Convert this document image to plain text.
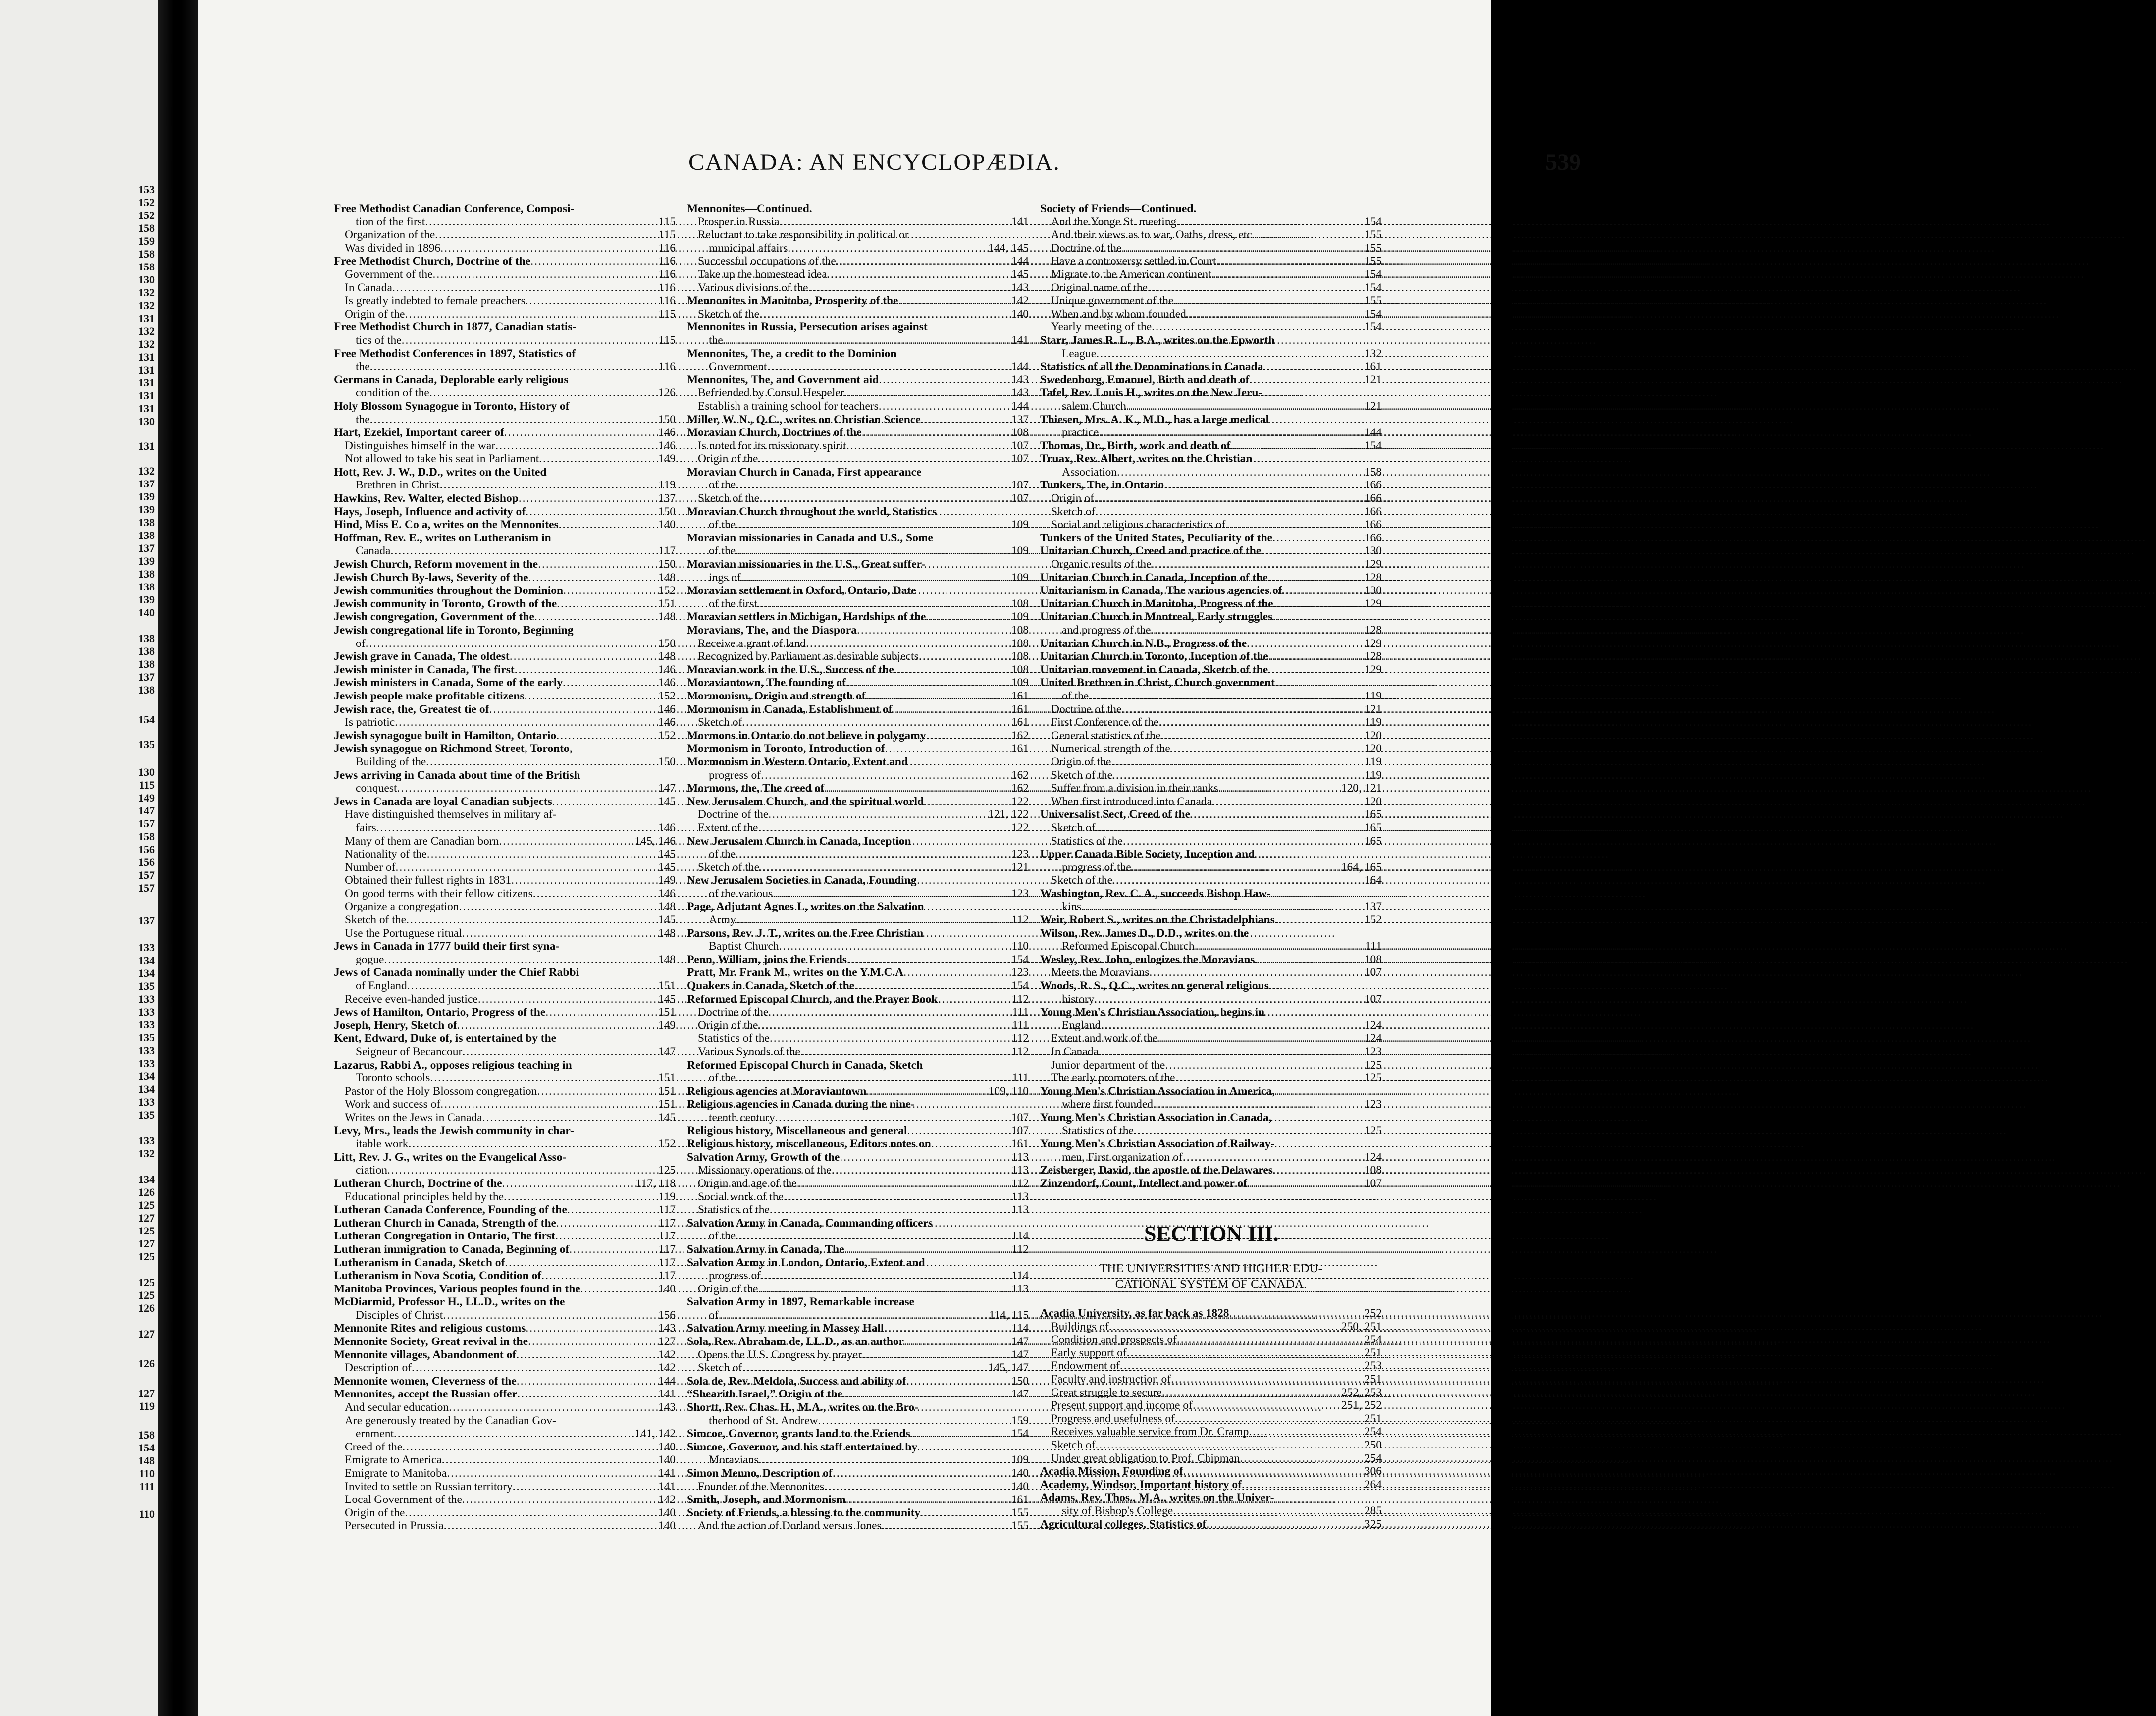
153
152
152
158
159
158
158
130
132
132
131
132
132
131
131
131
131
131
130
131
132
137
139
139
138
138
137
139
138
138
139
140
138
138
138
137
138
154
135
130
115
149
147
157
158
156
156
157
157
137
133
134
134
135
133
133
133
135
133
133
134
134
133
135
133
132
134
126
125
127
125
127
125
125
125
126
127
126
127
119
158
154
148
110
111
110
CANADA: AN ENCYCLOPÆDIA.	539
Free Methodist Canadian Conference, Composi-
tion of the first .....	115
Organization of the .....	115
Was divided in 1896 .....	116
Free Methodist Church, Doctrine of the .....	116
Government of the .....	116
In Canada .....	116
Is greatly indebted to female preachers .....	116
Origin of the .....	115
Free Methodist Church in 1877, Canadian statis-
tics of the .....	115
Free Methodist Conferences in 1897, Statistics of
the .....	116
Germans in Canada, Deplorable early religious
condition of the .....	126
Holy Blossom Synagogue in Toronto, History of
the .....	150
Hart, Ezekiel, Important career of .....	146
Distinguishes himself in the war .....	146
Not allowed to take his seat in Parliament .....	149
Hott, Rev. J. W., D.D., writes on the United
Brethren in Christ .....	119
Hawkins, Rev. Walter, elected Bishop .....	137
Hays, Joseph, Influence and activity of .....	150
Hind, Miss E. Co a, writes on the Mennonites .....	140
Hoffman, Rev. E., writes on Lutheranism in
Canada .....	117
Jewish Church, Reform movement in the .....	150
Jewish Church By-laws, Severity of the .....	148
Jewish communities throughout the Dominion .....	152
Jewish community in Toronto, Growth of the .....	151
Jewish congregation, Government of the .....	148
Jewish congregational life in Toronto, Beginning
of .....	150
Jewish grave in Canada, The oldest .....	148
Jewish minister in Canada, The first .....	146
Jewish ministers in Canada, Some of the early .....	146
Jewish people make profitable citizens .....	152
Jewish race, the, Greatest tie of .....	146
Is patriotic .....	146
Jewish synagogue built in Hamilton, Ontario .....	152
Jewish synagogue on Richmond Street, Toronto,
Building of the .....	150
Jews arriving in Canada about time of the British
conquest .....	147
Jews in Canada are loyal Canadian subjects .....	145
Have distinguished themselves in military af-
fairs .....	146
Many of them are Canadian born .....	145, 146
Nationality of the .....	145
Number of .....	145
Obtained their fullest rights in 1831 .....	149
On good terms with their fellow citizens .....	146
Organize a congregation .....	148
Sketch of the .....	145
Use the Portuguese ritual .....	148
Jews in Canada in 1777 build their first syna-
gogue .....	148
Jews of Canada nominally under the Chief Rabbi
of England .....	151
Receive even-handed justice .....	145
Jews of Hamilton, Ontario, Progress of the .....	151
Joseph, Henry, Sketch of .....	149
Kent, Edward, Duke of, is entertained by the
Seigneur of Becancour .....	147
Lazarus, Rabbi A., opposes religious teaching in
Toronto schools .....	151
Pastor of the Holy Blossom congregation .....	151
Work and success of .....	151
Writes on the Jews in Canada .....	145
Levy, Mrs., leads the Jewish community in char-
itable work .....	152
Litt, Rev. J. G., writes on the Evangelical Asso-
ciation .....	125
Lutheran Church, Doctrine of the .....	117, 118
Educational principles held by the .....	119
Lutheran Canada Conference, Founding of the .....	117
Lutheran Church in Canada, Strength of the .....	117
Lutheran Congregation in Ontario, The first .....	117
Lutheran immigration to Canada, Beginning of .....	117
Lutheranism in Canada, Sketch of .....	117
Lutheranism in Nova Scotia, Condition of .....	117
Manitoba Provinces, Various peoples found in the .....	140
McDiarmid, Professor H., LL.D., writes on the
Disciples of Christ .....	156
Mennonite Rites and religious customs .....	143
Mennonite Society, Great revival in the .....	127
Mennonite villages, Abandonment of .....	142
Description of .....	142
Mennonite women, Cleverness of the .....	144
Mennonites, accept the Russian offer .....	141
And secular education .....	143
Are generously treated by the Canadian Gov-
ernment .....	141, 142
Creed of the .....	140
Emigrate to America .....	140
Emigrate to Manitoba .....	141
Invited to settle on Russian territory .....	141
Local Government of the .....	142
Origin of the .....	140
Persecuted in Prussia .....	140
Mennonites—Continued.
Prosper in Russia .....	141
Reluctant to take responsibility in political or
municipal affairs .....	144, 145
Successful occupations of the .....	144
Take up the homestead idea .....	145
Various divisions of the .....	143
Mennonites in Manitoba, Prosperity of the .....	142
Sketch of the .....	140
Mennonites in Russia, Persecution arises against
the .....	141
Mennonites, The, a credit to the Dominion
Government .....	144
Mennonites, The, and Government aid .....	143
Befriended by Consul Hespeler .....	143
Establish a training school for teachers .....	144
Miller, W. N., Q.C., writes on Christian Science .....	137
Moravian Church, Doctrines of the .....	108
Is noted for its missionary spirit .....	107
Origin of the .....	107
Moravian Church in Canada, First appearance
of the .....	107
Sketch of the .....	107
Moravian Church throughout the world, Statistics
of the .....	109
Moravian missionaries in Canada and U.S., Some
of the .....	109
Moravian missionaries in the U.S., Great suffer-
ings of .....	109
Moravian settlement in Oxford, Ontario, Date
of the first .....	108
Moravian settlers in Michigan, Hardships of the .....	109
Moravians, The, and the Diaspora .....	108
Receive a grant of land .....	108
Recognized by Parliament as desirable subjects .....	108
Moravian work in the U.S., Success of the .....	108
Moraviantown, The founding of .....	109
Mormonism, Origin and strength of .....	161
Mormonism in Canada, Establishment of .....	161
Sketch of .....	161
Mormons in Ontario do not believe in polygamy .....	162
Mormonism in Toronto, Introduction of .....	161
Mormonism in Western Ontario, Extent and
progress of .....	162
Mormons, the, The creed of .....	162
New Jerusalem Church, and the spiritual world .....	122
Doctrine of the .....	121, 122
Extent of the .....	122
New Jerusalem Church in Canada, Inception
of the .....	123
Sketch of the .....	121
New Jerusalem Societies in Canada, Founding
of the various .....	123
Page, Adjutant Agnes L, writes on the Salvation
Army .....	112
Parsons, Rev. J. T., writes on the Free Christian
Baptist Church .....	110
Penn, William, joins the Friends .....	154
Pratt, Mr. Frank M., writes on the Y.M.C.A .....	123
Quakers in Canada, Sketch of the .....	154
Reformed Episcopal Church, and the Prayer Book .....	112
Doctrine of the .....	111
Origin of the .....	111
Statistics of the .....	112
Various Synods of the .....	112
Reformed Episcopal Church in Canada, Sketch
of the .....	111
Religious agencies at Moraviantown .....	109, 110
Religious agencies in Canada during the nine-
teenth century .....	107
Religious history, Miscellaneous and general .....	107
Religious history, miscellaneous, Editors notes on .....	161
Salvation Army, Growth of the .....	113
Missionary operations of the .....	113
Origin and age of the .....	112
Social work of the .....	113
Statistics of the .....	113
Salvation Army in Canada, Commanding officers
of the .....	114
Salvation Army in Canada, The .....	112
Salvation Army in London, Ontario, Extent and
progress of .....	114
Origin of the .....	113
Salvation Army in 1897, Remarkable increase
of .....	114, 115
Salvation Army meeting in Massey Hall .....	114
Sola, Rev. Abraham de, LL.D., as an author .....	147
Opens the U.S. Congress by prayer .....	147
Sketch of .....	145, 147
Sola de, Rev. Meldola, Success and ability of .....	150
“Shearith Israel,” Origin of the .....	147
Shortt, Rev. Chas. H., M.A., writes on the Bro-
therhood of St. Andrew .....	159
Simcoe, Governor, grants land to the Friends .....	154
Simcoe, Governor, and his staff entertained by
Moravians .....	109
Simon Menno, Description of .....	140
Founder of the Mennonites .....	140
Smith, Joseph, and Mormonism .....	161
Society of Friends, a blessing to the community .....	155
And the action of Dorland versus Jones .....	155
Society of Friends—Continued.
And the Yonge St. meeting .....	154
And their views as to war, Oaths, dress, etc .....	155
Doctrine of the .....	155
Have a controversy settled in Court .....	155
Migrate to the American continent .....	154
Original name of the .....	154
Unique government of the .....	155
When and by whom founded .....	154
Yearly meeting of the .....	154
Starr, James R. L., B.A., writes on the Epworth
League .....	132
Statistics of all the Denominations in Canada .....	161
Swedenborg, Emanuel, Birth and death of .....	121
Tafel, Rev. Louis H., writes on the New Jeru-
salem Church .....	121
Thiesen, Mrs. A. K., M.D., has a large medical
practice .....	144
Thomas, Dr., Birth, work and death of .....	154
Truax, Rev. Albert, writes on the Christian
Association .....	158
Tunkers, The, in Ontario .....	166
Origin of .....	166
Sketch of .....	166
Social and religious characteristics of .....	166
Tunkers of the United States, Peculiarity of the .....	166
Unitarian Church, Creed and practice of the .....	130
Organic results of the .....	129
Unitarian Church in Canada, Inception of the .....	128
Unitarianism in Canada, The various agencies of .....	130
Unitarian Church in Manitoba, Progress of the .....	129
Unitarian Church in Montreal, Early struggles
and progress of the .....	128
Unitarian Church in N.B., Progress of the .....	129
Unitarian Church in Toronto, Inception of the .....	128
Unitarian movement in Canada, Sketch of the .....	129
United Brethren in Christ, Church government
of the .....	119
Doctrine of the .....	121
First Conference of the .....	119
General statistics of the .....	120
Numerical strength of the .....	120
Origin of the .....	119
Sketch of the .....	119
Suffer from a division in their ranks .....	120, 121
When first introduced into Canada .....	120
Universalist Sect, Creed of the .....	165
Sketch of .....	165
Statistics of the .....	165
Upper Canada Bible Society, Inception and
progress of the .....	164, 165
Sketch of the .....	164
Washington, Rev. C. A., succeeds Bishop Haw-
kins .....	137
Weir, Robert S., writes on the Christadelphians .....	152
Wilson, Rev. James D., D.D., writes on the
Reformed Episcopal Church .....	111
Wesley, Rev. John, eulogizes the Moravians .....	108
Meets the Moravians .....	107
Woods, R. S., Q.C., writes on general religious
history .....	107
Young Men's Christian Association, begins in
England .....	124
Extent and work of the .....	124
In Canada .....	123
Junior department of the .....	125
The early promoters of the .....	125
Young Men's Christian Association in America,
where first founded .....	123
Young Men's Christian Association in Canada,
Statistics of the .....	125
Young Men's Christian Association of Railway-
men, First organization of .....	124
Zeisberger, David, the apostle of the Delawares .....	108
Zinzendorf, Count, Intellect and power of .....	107
SECTION III.
THE UNIVERSITIES AND HIGHER EDU-
CATIONAL SYSTEM OF CANADA.
Acadia University, as far back as 1828 .....	252
Buildings of .....	250, 251
Condition and prospects of .....	254
Early support of .....	251
Endowment of .....	253
Faculty and instruction of .....	251
Great struggle to secure .....	252, 253
Present support and income of .....	251, 252
Progress and usefulness of .....	251
Receives valuable service from Dr. Cramp .....	254
Sketch of .....	250
Under great obligation to Prof. Chipman .....	254
Acadia Mission, Founding of .....	306
Academy, Windsor, Important history of .....	264
Adams, Rev. Thos., M.A., writes on the Univer-
sity of Bishop's College .....	285
Agricultural colleges, Statistics of .....	325
